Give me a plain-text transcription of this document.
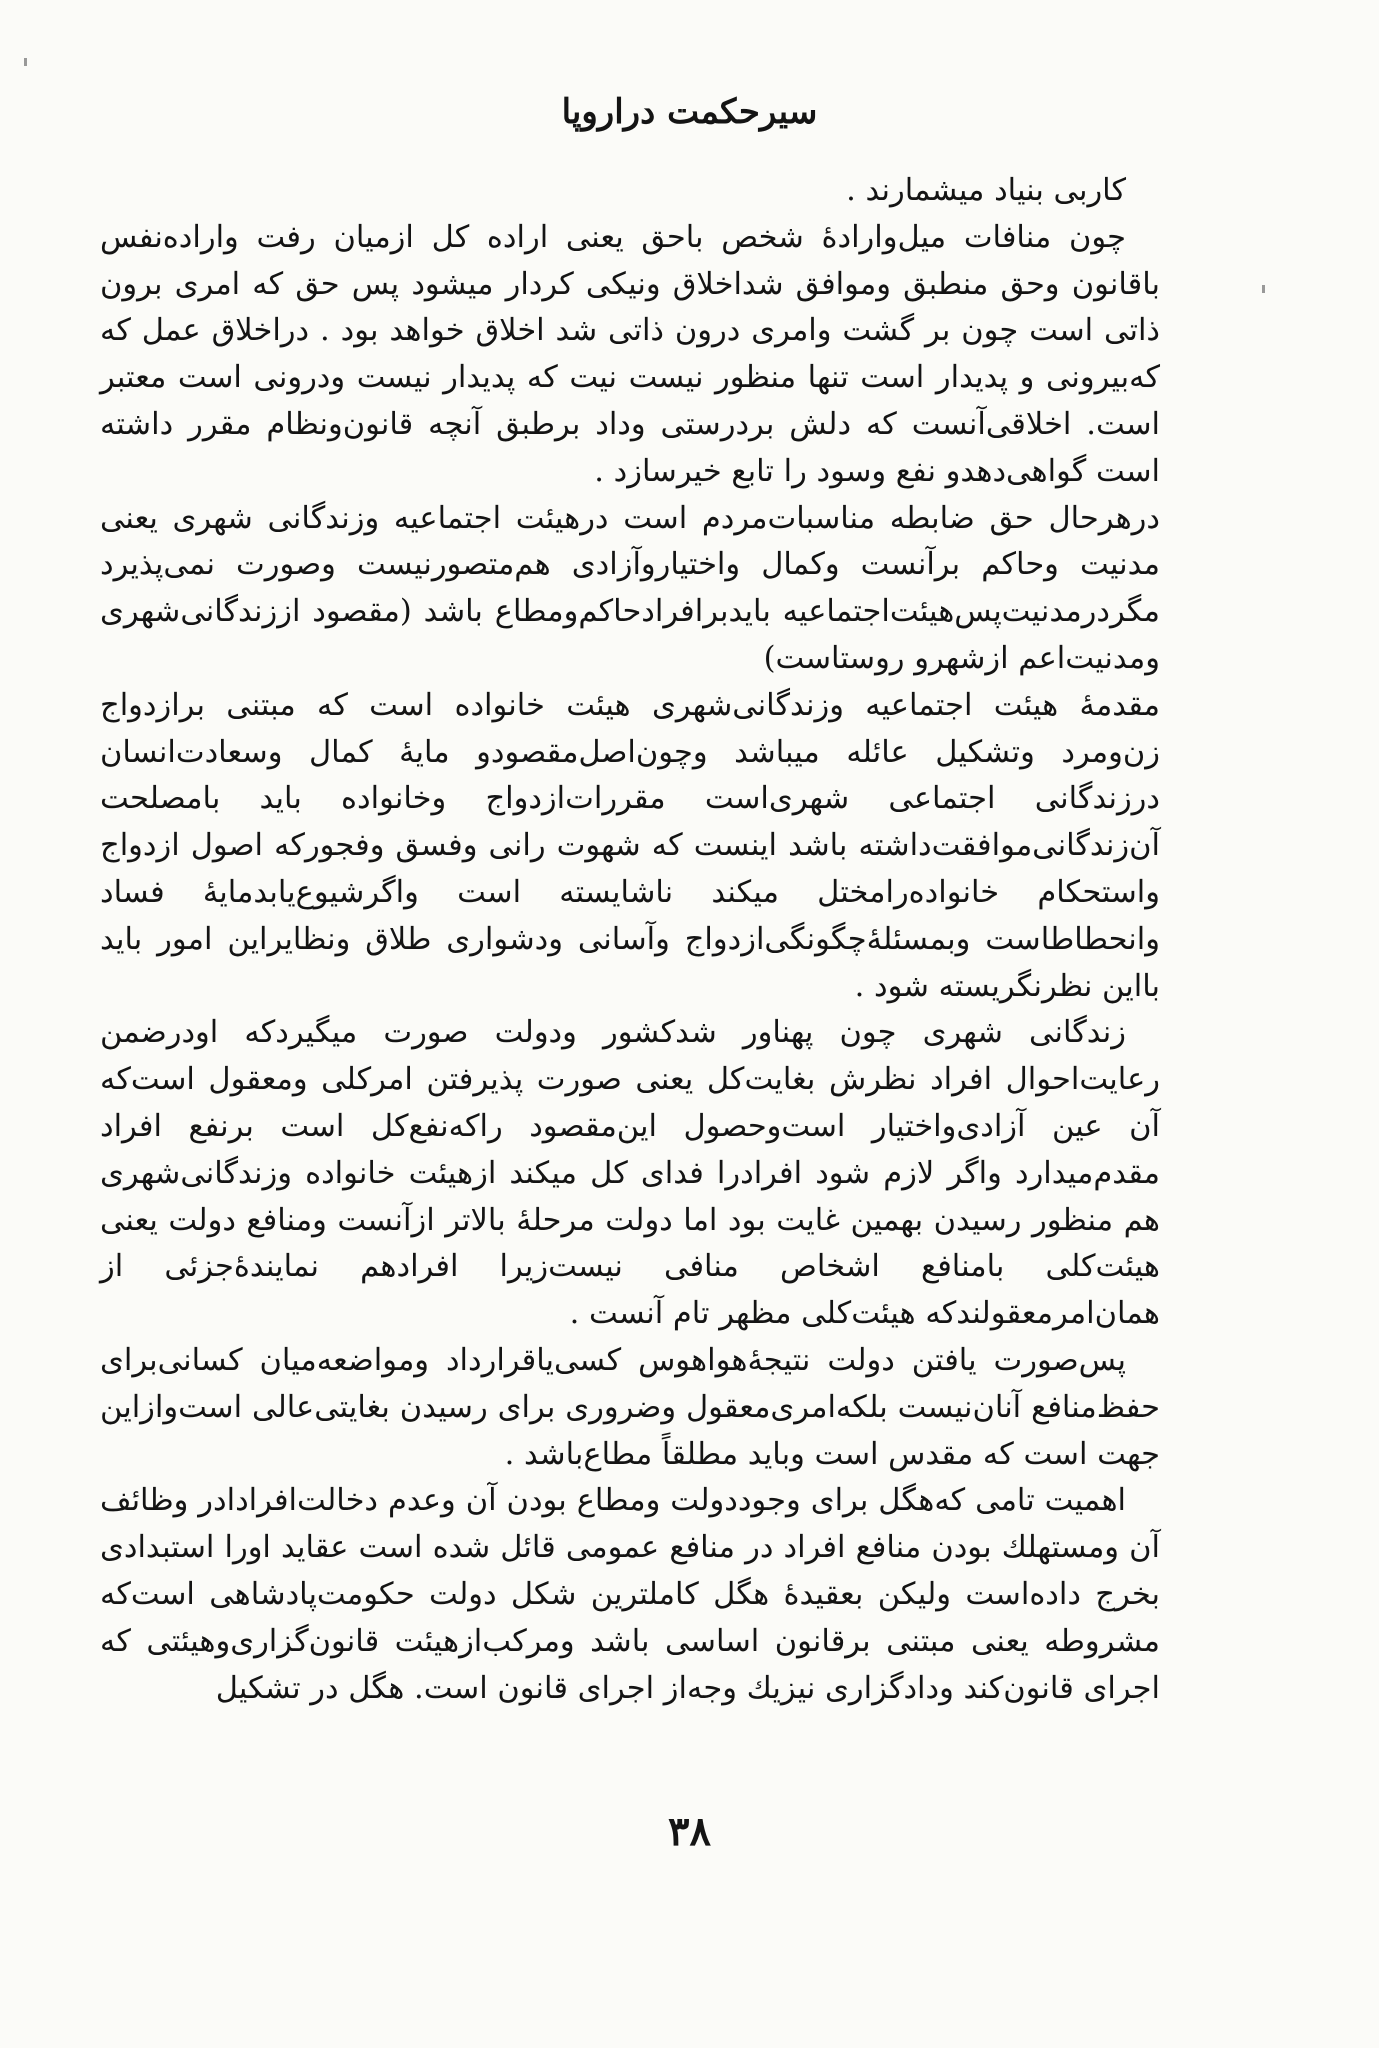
سیرحکمت دراروپا

کاربی بنیاد میشمارند .

چون منافات میل‌وارادهٔ شخص باحق یعنی اراده کل ازمیان رفت واراده‌نفس باقانون وحق منطبق وموافق شداخلاق ونیکی کردار میشود پس حق که امری برون ذاتی است چون بر گشت وامری درون ذاتی شد اخلاق خواهد بود . دراخلاق عمل که که‌بیرونی و پدیدار است تنها منظور نیست نیت که پدیدار نیست ودرونی است معتبر است. اخلاقی‌آنست که دلش بردرستی وداد برطبق آنچه قانون‌ونظام مقرر داشته است گواهی‌دهدو نفع وسود را تابع خیرسازد .

درهرحال حق ضابطه مناسبات‌مردم است درهیئت اجتماعیه وزندگانی شهری یعنی مدنیت وحاکم برآنست وکمال واختیاروآزادی هم‌متصورنیست وصورت نمی‌پذیرد مگردرمدنیت‌پس‌هیئت‌اجتماعیه بایدبرافرادحاکم‌ومطاع باشد (مقصود اززندگانی‌شهری ومدنیت‌اعم ازشهرو روستاست)

مقدمهٔ هیئت اجتماعیه وزندگانی‌شهری هیئت خانواده است که مبتنی برازدواج زن‌ومرد وتشکیل عائله میباشد وچون‌اصل‌مقصودو مایهٔ کمال وسعادت‌انسان درزندگانی اجتماعی شهری‌است مقررات‌ازدواج وخانواده باید بامصلحت آن‌زندگانی‌موافقت‌داشته باشد اینست که شهوت رانی وفسق وفجورکه اصول ازدواج واستحکام خانواده‌رامختل میکند ناشایسته است واگرشیوع‌یابدمایهٔ فساد وانحطاطاست وبمسئلهٔ‌چگونگی‌ازدواج وآسانی ودشواری طلاق ونظایراین امور باید بااین نظرنگریسته شود .

زندگانی شهری چون پهناور شدکشور ودولت صورت میگیردکه اودرضمن رعایت‌احوال افراد نظرش بغایت‌کل یعنی صورت پذیرفتن امرکلی ومعقول است‌که آن عین آزادی‌واختیار است‌وحصول این‌مقصود راکه‌نفع‌کل است برنفع افراد مقدم‌میدارد واگر لازم شود افرادرا فدای کل میکند ازهیئت خانواده وزندگانی‌شهری هم منظور رسیدن بهمین غایت بود اما دولت مرحلهٔ بالاتر ازآنست ومنافع دولت یعنی هیئت‌کلی بامنافع اشخاص منافی نیست‌زیرا افرادهم نمایندهٔ‌جزئی از همان‌امرمعقولند‌که هیئت‌کلی مظهر تام آنست .

پس‌صورت یافتن دولت نتیجهٔ‌هواهوس کسی‌یاقرارداد ومواضعه‌میان کسانی‌برای حفظ‌منافع آنان‌نیست بلکه‌امری‌معقول وضروری برای رسیدن بغایتی‌عالی است‌وازاین جهت است که مقدس است وباید مطلقاً مطاع‌باشد .

اهمیت تامی که‌هگل برای وجوددولت ومطاع بودن آن وعدم دخالت‌افرادادر وظائف آن ومستهلك بودن منافع افراد در منافع عمومی قائل شده است عقاید اورا استبدادی بخرج داده‌است ولیکن بعقیدهٔ هگل کاملترین شکل دولت حکومت‌پادشاهی است‌که مشروطه یعنی مبتنی برقانون اساسی باشد ومرکب‌ازهیئت قانون‌گزاری‌وهیئتی که اجرای قانون‌کند ودادگزاری نیزیك وجه‌از اجرای قانون است. هگل در تشکیل

۳۸
